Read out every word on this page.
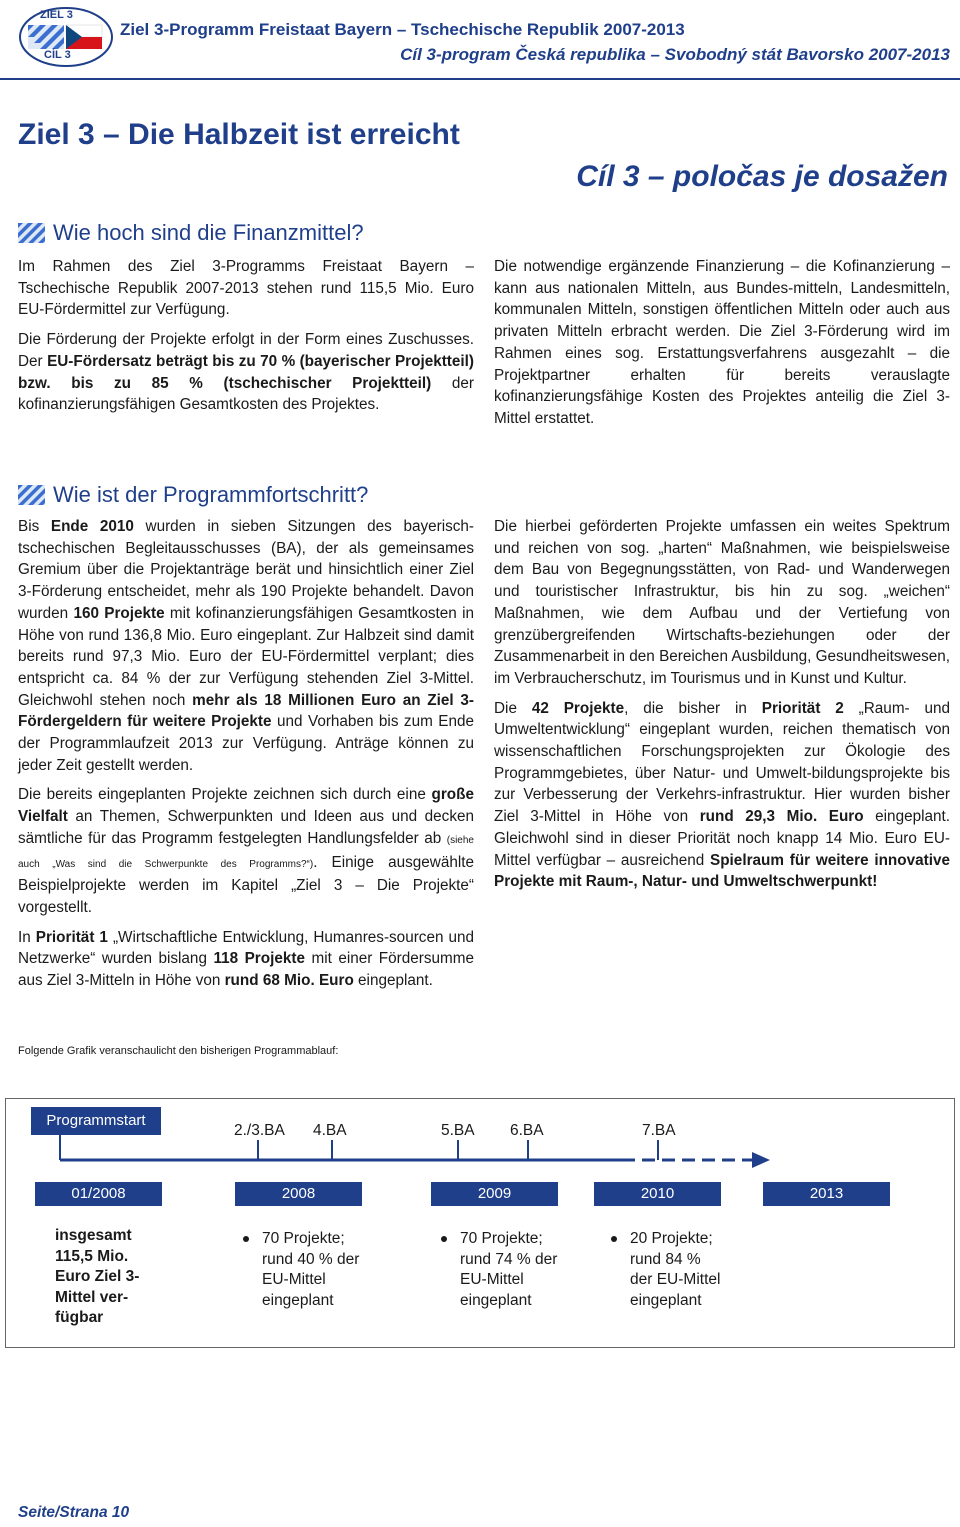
ZIEL 3
CÍL 3
Ziel 3-Programm Freistaat Bayern – Tschechische Republik 2007-2013
Cíl 3-program Česká republika – Svobodný stát Bavorsko 2007-2013
Ziel 3 – Die Halbzeit ist erreicht
Cíl 3 – poločas je dosažen
Wie hoch sind die Finanzmittel?

Im Rahmen des Ziel 3-Programms Freistaat Bayern – Tschechische Republik 2007-2013 stehen rund 115,5 Mio. Euro EU-Fördermittel zur Verfügung.

Die Förderung der Projekte erfolgt in der Form eines Zuschusses. Der EU-Fördersatz beträgt bis zu 70 % (bayerischer Projektteil) bzw. bis zu 85 % (tschechischer Projektteil) der kofinanzierungsfähigen Gesamtkosten des Projektes.

Die notwendige ergänzende Finanzierung – die Kofinanzierung – kann aus nationalen Mitteln, aus Bundes-mitteln, Landesmitteln, kommunalen Mitteln, sonstigen öffentlichen Mitteln oder auch aus privaten Mitteln erbracht werden. Die Ziel 3-Förderung wird im Rahmen eines sog. Erstattungsverfahrens ausgezahlt – die Projektpartner erhalten für bereits verauslagte kofinanzierungsfähige Kosten des Projektes anteilig die Ziel 3-Mittel erstattet.

Wie ist der Programmfortschritt?

Bis Ende 2010 wurden in sieben Sitzungen des bayerisch-tschechischen Begleitausschusses (BA), der als gemeinsames Gremium über die Projektanträge berät und hinsichtlich einer Ziel 3-Förderung entscheidet, mehr als 190 Projekte behandelt. Davon wurden 160 Projekte mit kofinanzierungsfähigen Gesamtkosten in Höhe von rund 136,8 Mio. Euro eingeplant. Zur Halbzeit sind damit bereits rund 97,3 Mio. Euro der EU-Fördermittel verplant; dies entspricht ca. 84 % der zur Verfügung stehenden Ziel 3-Mittel. Gleichwohl stehen noch mehr als 18 Millionen Euro an Ziel 3-Fördergeldern für weitere Projekte und Vorhaben bis zum Ende der Programmlaufzeit 2013 zur Verfügung. Anträge können zu jeder Zeit gestellt werden.

Die bereits eingeplanten Projekte zeichnen sich durch eine große Vielfalt an Themen, Schwerpunkten und Ideen aus und decken sämtliche für das Programm festgelegten Handlungsfelder ab (siehe auch „Was sind die Schwerpunkte des Programms?“). Einige ausgewählte Beispielprojekte werden im Kapitel „Ziel 3 – Die Projekte“ vorgestellt.

In Priorität 1 „Wirtschaftliche Entwicklung, Humanres-sourcen und Netzwerke“ wurden bislang 118 Projekte mit einer Fördersumme aus Ziel 3-Mitteln in Höhe von rund 68 Mio. Euro eingeplant.

Die hierbei geförderten Projekte umfassen ein weites Spektrum und reichen von sog. „harten“ Maßnahmen, wie beispielsweise dem Bau von Begegnungsstätten, von Rad- und Wanderwegen und touristischer Infrastruktur, bis hin zu sog. „weichen“ Maßnahmen, wie dem Aufbau und der Vertiefung von grenzübergreifenden Wirtschafts-beziehungen oder der Zusammenarbeit in den Bereichen Ausbildung, Gesundheitswesen, im Verbraucherschutz, im Tourismus und in Kunst und Kultur.

Die 42 Projekte, die bisher in Priorität 2 „Raum- und Umweltentwicklung“ eingeplant wurden, reichen thematisch von wissenschaftlichen Forschungsprojekten zur Ökologie des Programmgebietes, über Natur- und Umwelt-bildungsprojekte bis zur Verbesserung der Verkehrs-infrastruktur. Hier wurden bisher Ziel 3-Mittel in Höhe von rund 29,3 Mio. Euro eingeplant. Gleichwohl sind in dieser Priorität noch knapp 14 Mio. Euro EU-Mittel verfügbar – ausreichend Spielraum für weitere innovative Projekte mit Raum-, Natur- und Umweltschwerpunkt!

Folgende Grafik veranschaulicht den bisherigen Programmablauf:
Programmstart
2./3.BA 4.BA	5.BA 6.BA	7.BA
01/2008	2008	2009	2010	2013
insgesamt
115,5 Mio.
Euro Ziel 3-
Mittel ver-
fügbar
70 Projekte;
rund 40 % der
EU-Mittel
eingeplant
70 Projekte;
rund 74 % der
EU-Mittel
eingeplant
20 Projekte;
rund 84 %
der EU-Mittel
eingeplant
Seite/Strana 10
